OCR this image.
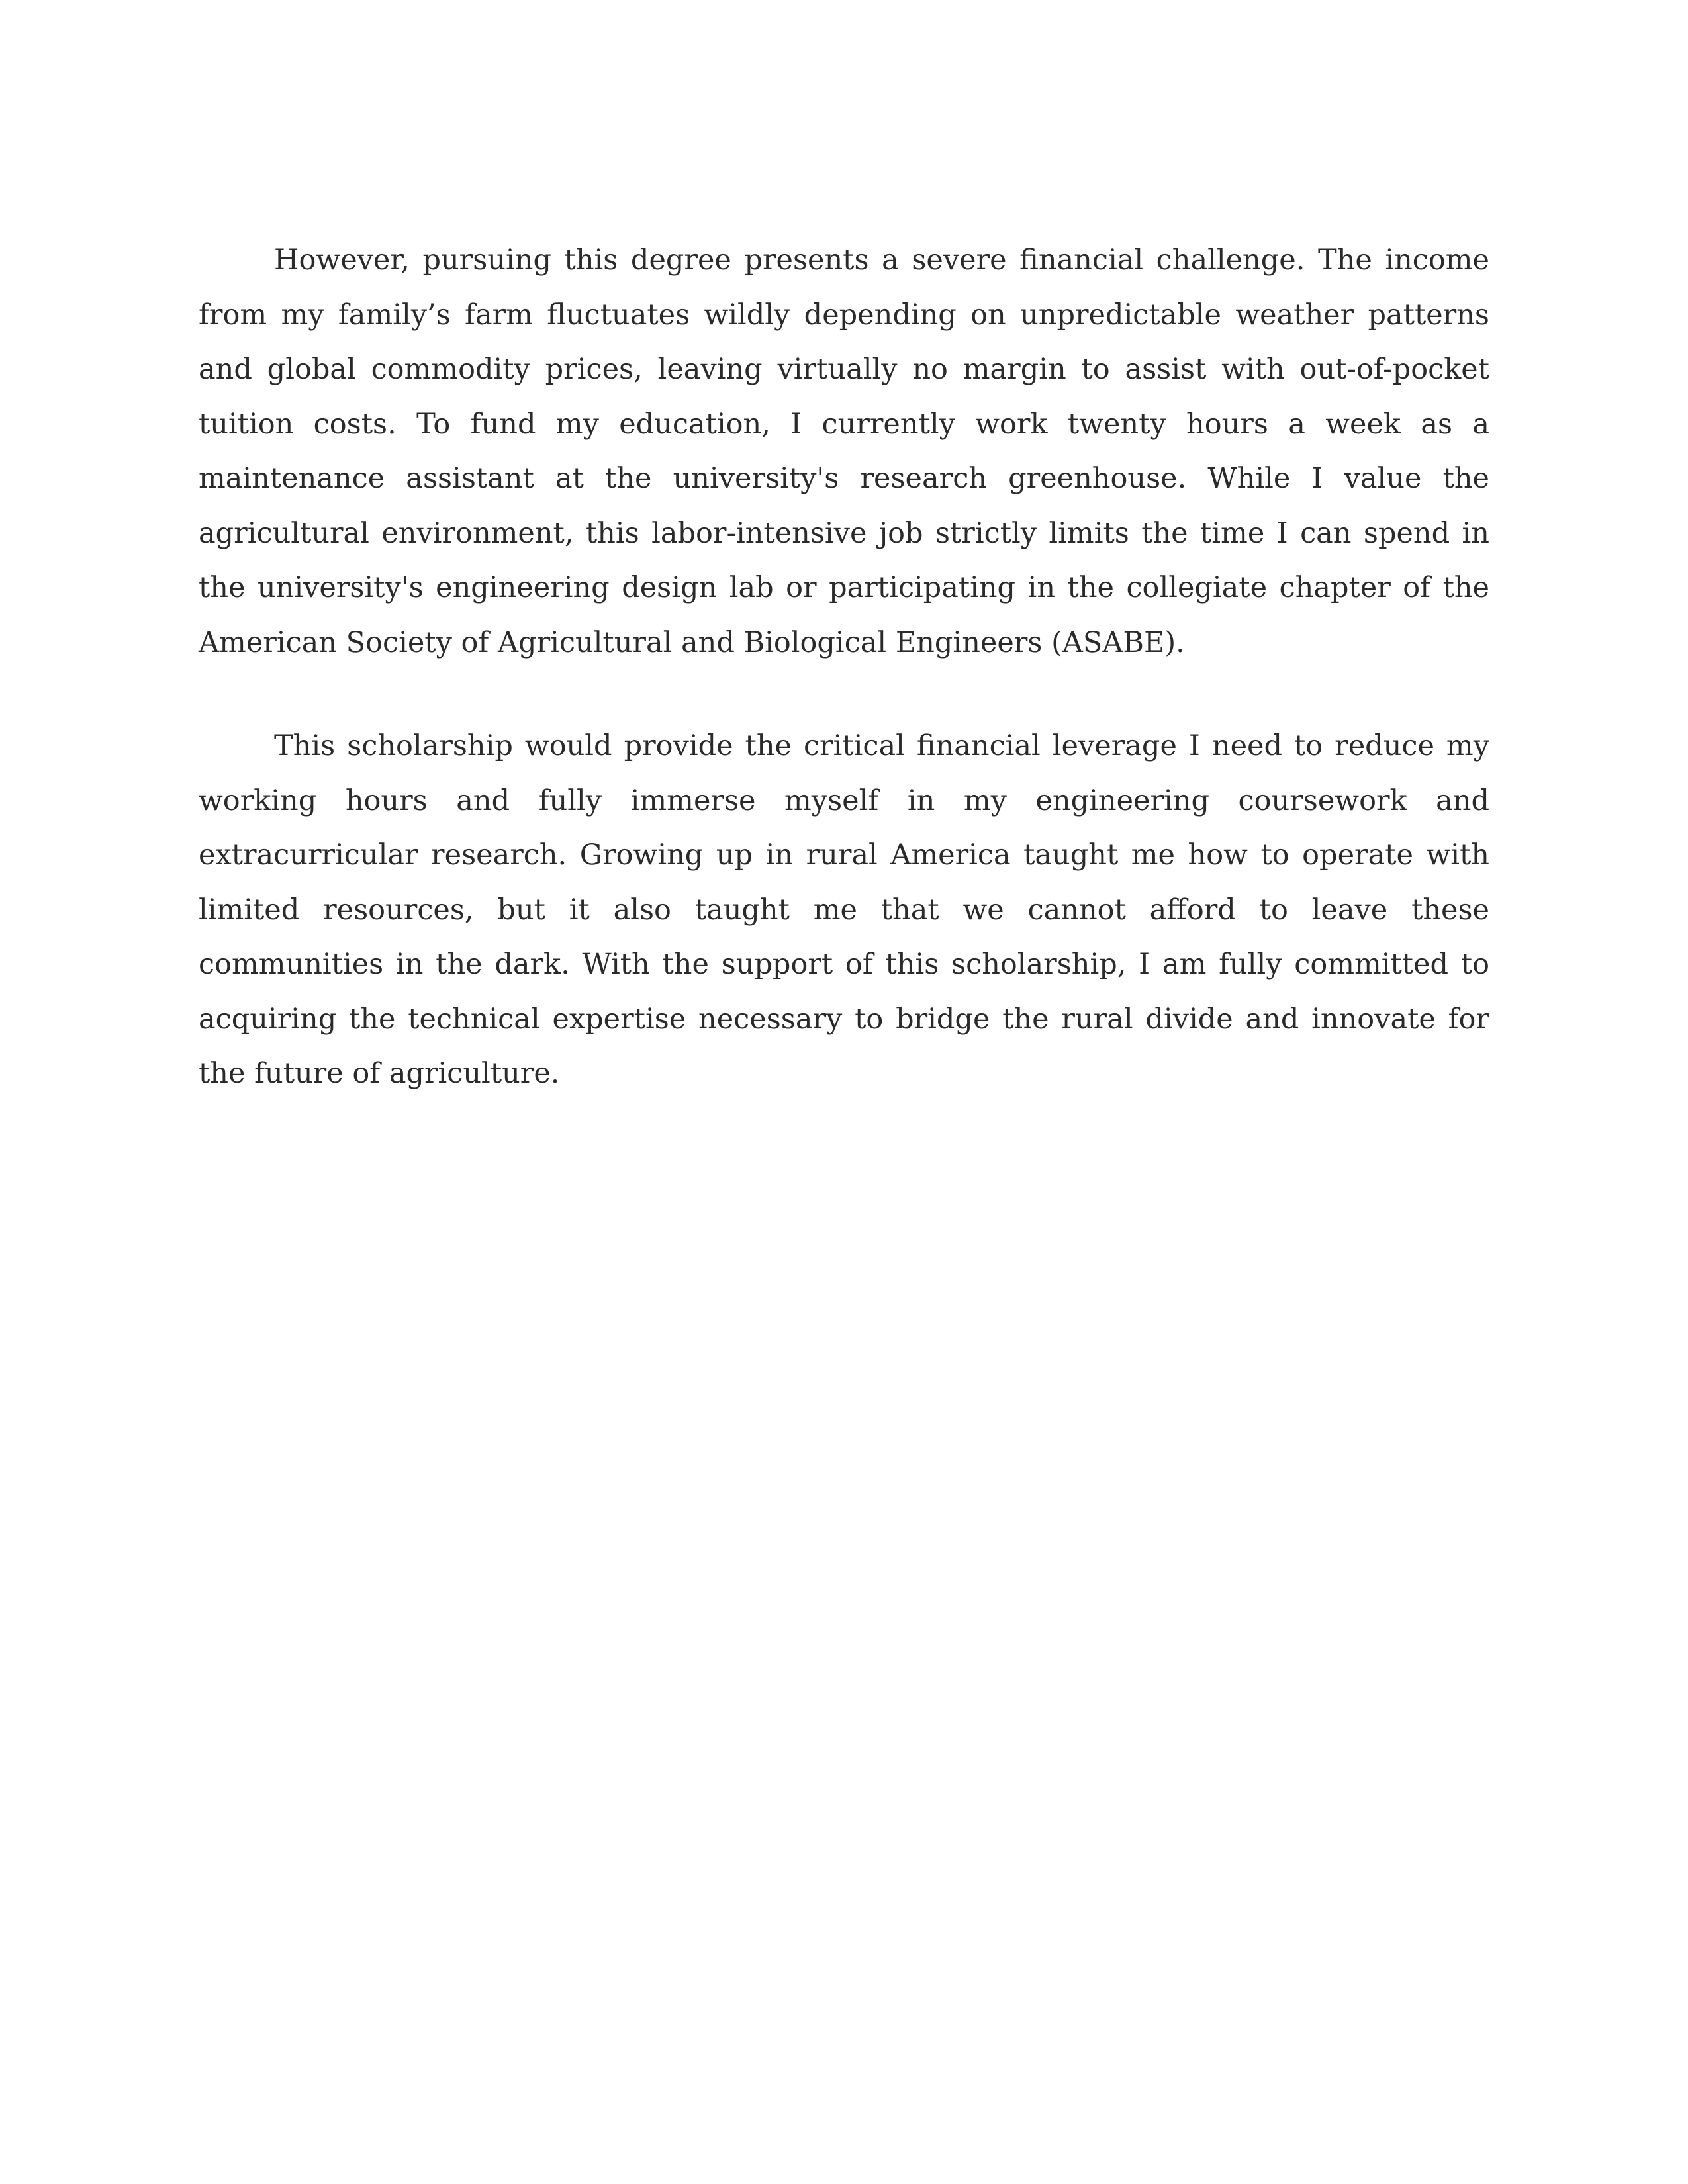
However, pursuing this degree presents a severe financial challenge. The income from my family’s farm fluctuates wildly depending on unpredictable weather patterns and global commodity prices, leaving virtually no margin to assist with out-of-pocket tuition costs. To fund my education, I currently work twenty hours a week as a maintenance assistant at the university's research greenhouse. While I value the agricultural environment, this labor-intensive job strictly limits the time I can spend in the university's engineering design lab or participating in the collegiate chapter of the American Society of Agricultural and Biological Engineers (ASABE).

This scholarship would provide the critical financial leverage I need to reduce my working hours and fully immerse myself in my engineering coursework and extracurricular research. Growing up in rural America taught me how to operate with limited resources, but it also taught me that we cannot afford to leave these communities in the dark. With the support of this scholarship, I am fully committed to acquiring the technical expertise necessary to bridge the rural divide and innovate for the future of agriculture.
